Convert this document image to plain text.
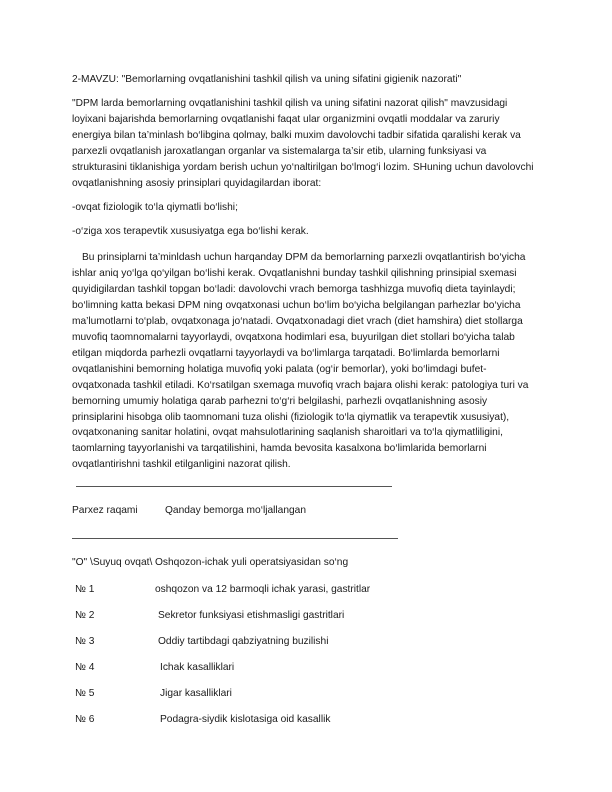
2-MAVZU: "Bemorlarning ovqatlanishini tashkil qilish va uning sifatini gigienik nazorati"

"DPM larda bemorlarning ovqatlanishini tashkil qilish va uning sifatini nazorat qilish" mavzusidagi loyixani bajarishda bemorlarning ovqatlanishi faqat ular organizmini ovqatli moddalar va zaruriy energiya bilan ta’minlash bo‘libgina qolmay, balki muxim davolovchi tadbir sifatida qaralishi kerak va parxezli ovqatlanish jaroxatlangan organlar va sistemalarga ta’sir etib, ularning funksiyasi va strukturasini tiklanishiga yordam berish uchun yo‘naltirilgan bo‘lmog‘i lozim. SHuning uchun davolovchi ovqatlanishning asosiy prinsiplari quyidagilardan iborat:

-ovqat fiziologik to‘la qiymatli bo‘lishi;

-o‘ziga xos terapevtik xususiyatga ega bo‘lishi kerak.

Bu prinsiplarni ta’minldash uchun harqanday DPM da bemorlarning parxezli ovqatlantirish bo‘yicha ishlar aniq yo‘lga qo‘yilgan bo‘lishi kerak. Ovqatlanishni bunday tashkil qilishning prinsipial sxemasi quyidigilardan tashkil topgan bo‘ladi: davolovchi vrach bemorga tashhizga muvofiq dieta tayinlaydi; bo‘limning katta bekasi DPM ning ovqatxonasi uchun bo‘lim bo‘yicha belgilangan parhezlar bo‘yicha ma’lumotlarni to‘plab, ovqatxonaga jo‘natadi. Ovqatxonadagi diet vrach (diet hamshira) diet stollarga muvofiq taomnomalarni tayyorlaydi, ovqatxona hodimlari esa, buyurilgan diet stollari bo‘yicha talab etilgan miqdorda parhezli ovqatlarni tayyorlaydi va bo‘limlarga tarqatadi. Bo‘limlarda bemorlarni ovqatlanishini bemorning holatiga muvofiq yoki palata (og‘ir bemorlar), yoki bo‘limdagi bufet-ovqatxonada tashkil etiladi. Ko‘rsatilgan sxemaga muvofiq vrach bajara olishi kerak: patologiya turi va bemorning umumiy holatiga qarab parhezni to‘g‘ri belgilashi, parhezli ovqatlanishning asosiy prinsiplarini hisobga olib taomnomani tuza olishi (fiziologik to‘la qiymatlik va terapevtik xususiyat), ovqatxonaning sanitar holatini, ovqat mahsulotlarining saqlanish sharoitlari va to‘la qiymatliligini, taomlarning tayyorlanishi va tarqatilishini, hamda bevosita kasalxona bo‘limlarida bemorlarni ovqatlantirishni tashkil etilganligini nazorat qilish.

Parxez raqami	Qanday bemorga mo‘ljallangan
"O" \Suyuq ovqat\ Oshqozon-ichak yuli operatsiyasidan so‘ng
№ 1	oshqozon va 12 barmoqli ichak yarasi, gastritlar
№ 2	Sekretor funksiyasi etishmasligi gastritlari
№ 3	Oddiy tartibdagi qabziyatning buzilishi
№ 4	Ichak kasalliklari
№ 5	Jigar kasalliklari
№ 6	Podagra-siydik kislotasiga oid kasallik
